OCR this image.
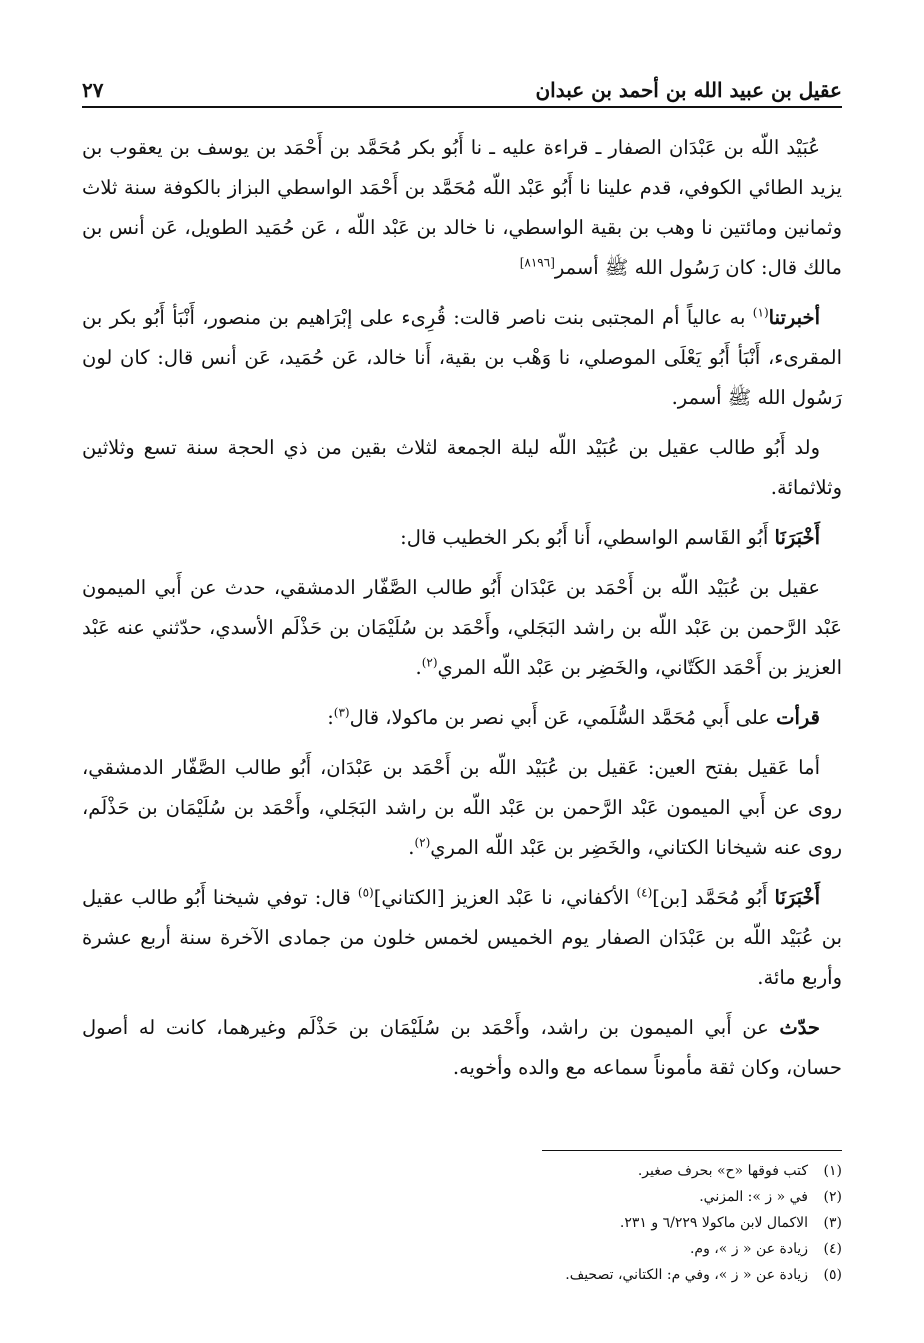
عقيل بن عبيد الله بن أحمد بن عبدان
٢٧

عُبَيْد اللّه بن عَبْدَان الصفار ـ قراءة عليه ـ نا أَبُو بكر مُحَمَّد بن أَحْمَد بن يوسف بن يعقوب بن يزيد الطائي الكوفي، قدم علينا نا أَبُو عَبْد اللّه مُحَمَّد بن أَحْمَد الواسطي البزاز بالكوفة سنة ثلاث وثمانين ومائتين نا وهب بن بقية الواسطي، نا خالد بن عَبْد اللّه ، عَن حُمَيد الطويل، عَن أنس بن مالك قال: كان رَسُول الله ﷺ أسمر[٨١٩٦]

أخبرتنا$^{(١)}$ به عالياً أم المجتبى بنت ناصر قالت: قُرِىء على إبْرَاهيم بن منصور، أَنْبَأ أَبُو بكر بن المقرىء، أَنْبَأ أَبُو يَعْلَى الموصلي، نا وَهْب بن بقية، أَنا خالد، عَن حُمَيد، عَن أنس قال: كان لون رَسُول الله ﷺ أسمر.

ولد أَبُو طالب عقيل بن عُبَيْد اللّه ليلة الجمعة لثلاث بقين من ذي الحجة سنة تسع وثلاثين وثلاثمائة.

أَخْبَرَنَا أَبُو القَاسم الواسطي، أَنا أَبُو بكر الخطيب قال:

عقيل بن عُبَيْد اللّه بن أَحْمَد بن عَبْدَان أَبُو طالب الصَّفّار الدمشقي، حدث عن أَبي الميمون عَبْد الرَّحمن بن عَبْد اللّه بن راشد البَجَلي، وأَحْمَد بن سُلَيْمَان بن حَذْلَم الأسدي، حدّثني عنه عَبْد العزيز بن أَحْمَد الكَتّاني، والخَضِر بن عَبْد اللّه المري$^{(٢)}$.

قرأت على أَبي مُحَمَّد السُّلَمي، عَن أَبي نصر بن ماكولا، قال$^{(٣)}$:

أما عَقيل بفتح العين: عَقيل بن عُبَيْد اللّه بن أَحْمَد بن عَبْدَان، أَبُو طالب الصَّفّار الدمشقي، روى عن أَبي الميمون عَبْد الرَّحمن بن عَبْد اللّه بن راشد البَجَلي، وأَحْمَد بن سُلَيْمَان بن حَذْلَم، روى عنه شيخانا الكتاني، والخَضِر بن عَبْد اللّه المري$^{(٢)}$.

أَخْبَرَنَا أَبُو مُحَمَّد [بن]$^{(٤)}$ الأكفاني، نا عَبْد العزيز [الكتاني]$^{(٥)}$ قال: توفي شيخنا أَبُو طالب عقيل بن عُبَيْد اللّه بن عَبْدَان الصفار يوم الخميس لخمس خلون من جمادى الآخرة سنة أربع عشرة وأربع مائة.

حدّث عن أَبي الميمون بن راشد، وأَحْمَد بن سُلَيْمَان بن حَذْلَم وغيرهما، كانت له أصول حسان، وكان ثقة مأموناً سماعه مع والده وأخويه.

(١)
كتب فوقها «ح» بحرف صغير.
(٢)
في « ز »: المزني.
(٣)
الاكمال لابن ماكولا ٦/٢٢٩ و ٢٣١.
(٤)
زيادة عن « ز »، وم.
(٥)
زيادة عن « ز »، وفي م: الكتاني، تصحيف.
